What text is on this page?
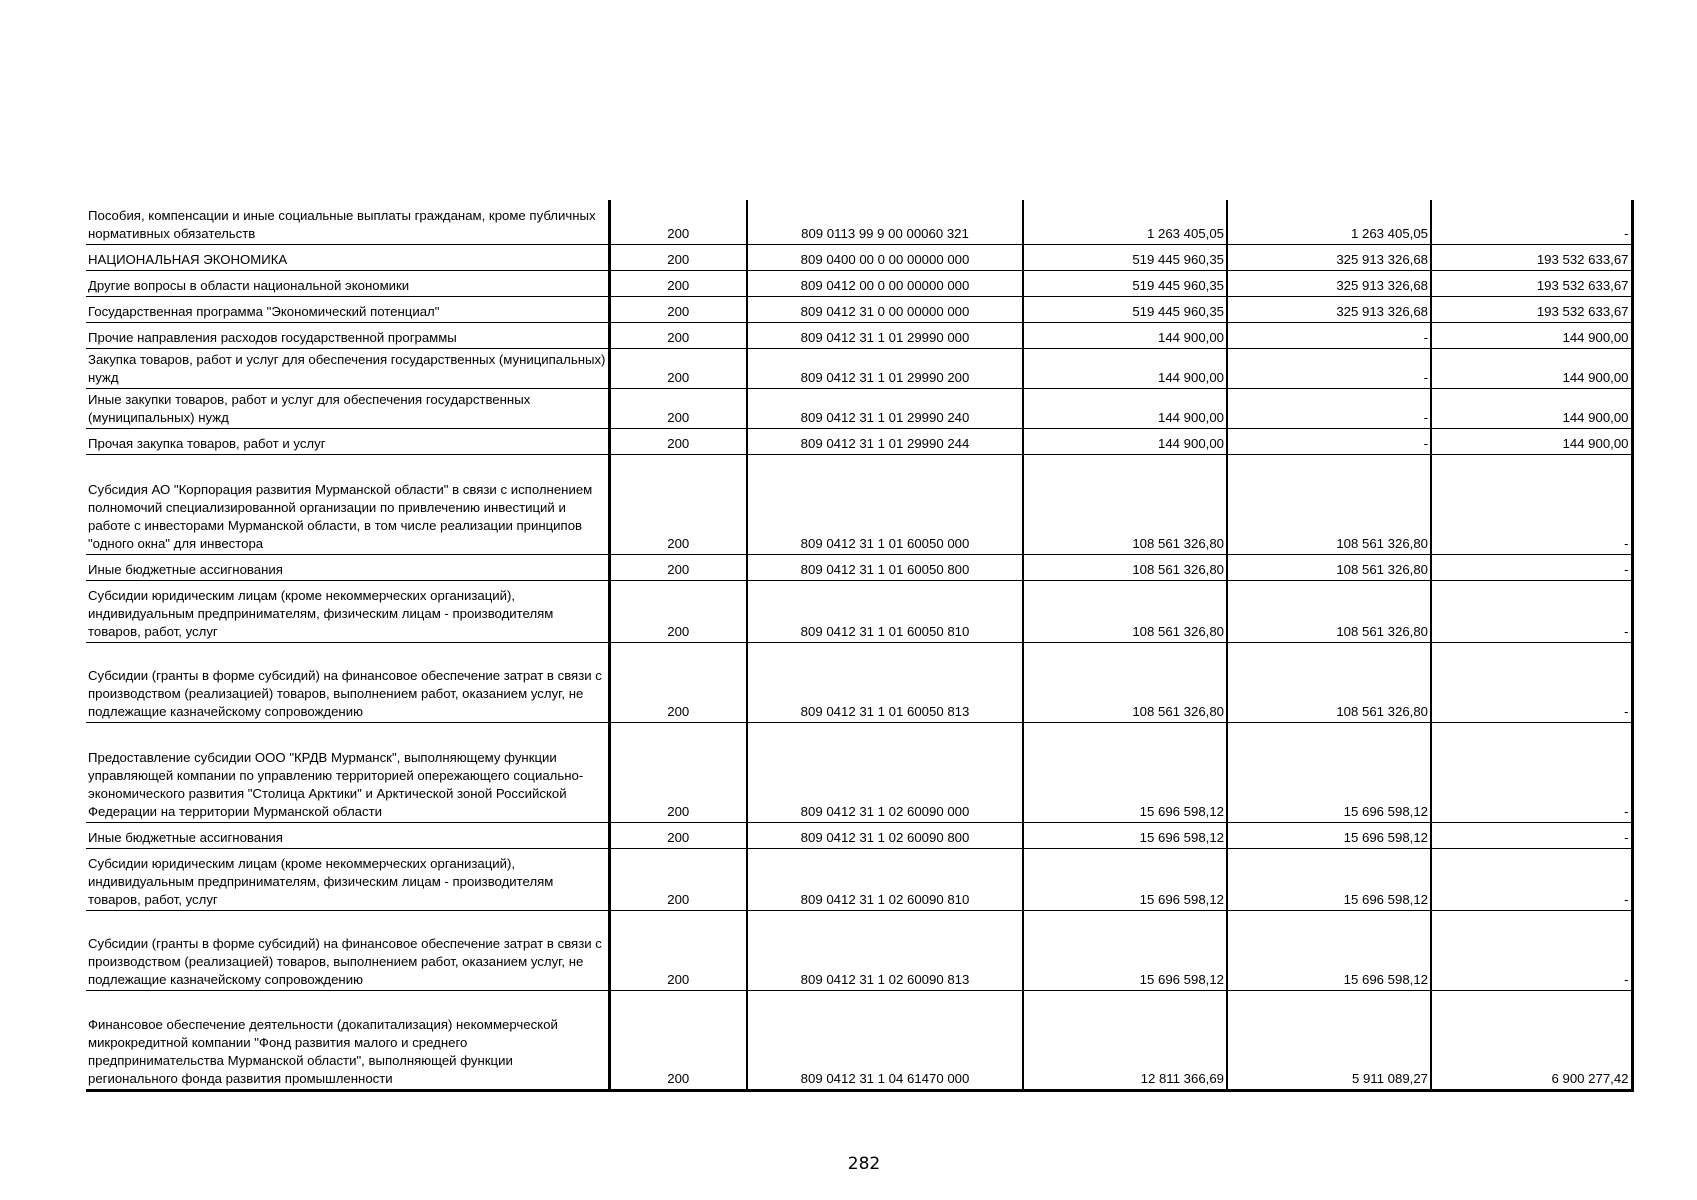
Пособия, компенсации и иные социальные выплаты гражданам, кроме публичных нормативных обязательств	200	809 0113 99 9 00 00060 321	1 263 405,05	1 263 405,05	-
НАЦИОНАЛЬНАЯ ЭКОНОМИКА	200	809 0400 00 0 00 00000 000	519 445 960,35	325 913 326,68	193 532 633,67
Другие вопросы в области национальной экономики	200	809 0412 00 0 00 00000 000	519 445 960,35	325 913 326,68	193 532 633,67
Государственная программа "Экономический потенциал"	200	809 0412 31 0 00 00000 000	519 445 960,35	325 913 326,68	193 532 633,67
Прочие направления расходов государственной программы	200	809 0412 31 1 01 29990 000	144 900,00	-	144 900,00
Закупка товаров, работ и услуг для обеспечения государственных (муниципальных) нужд	200	809 0412 31 1 01 29990 200	144 900,00	-	144 900,00
Иные закупки товаров, работ и услуг для обеспечения государственных (муниципальных) нужд	200	809 0412 31 1 01 29990 240	144 900,00	-	144 900,00
Прочая закупка товаров, работ и услуг	200	809 0412 31 1 01 29990 244	144 900,00	-	144 900,00
Субсидия АО "Корпорация развития Мурманской области" в связи с исполнением полномочий специализированной организации по привлечению инвестиций и работе с инвесторами Мурманской области, в том числе реализации принципов "одного окна" для инвестора	200	809 0412 31 1 01 60050 000	108 561 326,80	108 561 326,80	-
Иные бюджетные ассигнования	200	809 0412 31 1 01 60050 800	108 561 326,80	108 561 326,80	-
Субсидии юридическим лицам (кроме некоммерческих организаций), индивидуальным предпринимателям, физическим лицам - производителям товаров, работ, услуг	200	809 0412 31 1 01 60050 810	108 561 326,80	108 561 326,80	-
Субсидии (гранты в форме субсидий) на финансовое обеспечение затрат в связи с производством (реализацией) товаров, выполнением работ, оказанием услуг, не подлежащие казначейскому сопровождению	200	809 0412 31 1 01 60050 813	108 561 326,80	108 561 326,80	-
Предоставление субсидии ООО "КРДВ Мурманск", выполняющему функции управляющей компании по управлению территорией опережающего социально-экономического развития "Столица Арктики" и Арктической зоной Российской Федерации на территории Мурманской области	200	809 0412 31 1 02 60090 000	15 696 598,12	15 696 598,12	-
Иные бюджетные ассигнования	200	809 0412 31 1 02 60090 800	15 696 598,12	15 696 598,12	-
Субсидии юридическим лицам (кроме некоммерческих организаций), индивидуальным предпринимателям, физическим лицам - производителям товаров, работ, услуг	200	809 0412 31 1 02 60090 810	15 696 598,12	15 696 598,12	-
Субсидии (гранты в форме субсидий) на финансовое обеспечение затрат в связи с производством (реализацией) товаров, выполнением работ, оказанием услуг, не подлежащие казначейскому сопровождению	200	809 0412 31 1 02 60090 813	15 696 598,12	15 696 598,12	-
Финансовое обеспечение деятельности (докапитализация) некоммерческой микрокредитной компании "Фонд развития малого и среднего предпринимательства Мурманской области", выполняющей функции регионального фонда развития промышленности	200	809 0412 31 1 04 61470 000	12 811 366,69	5 911 089,27	6 900 277,42
282
